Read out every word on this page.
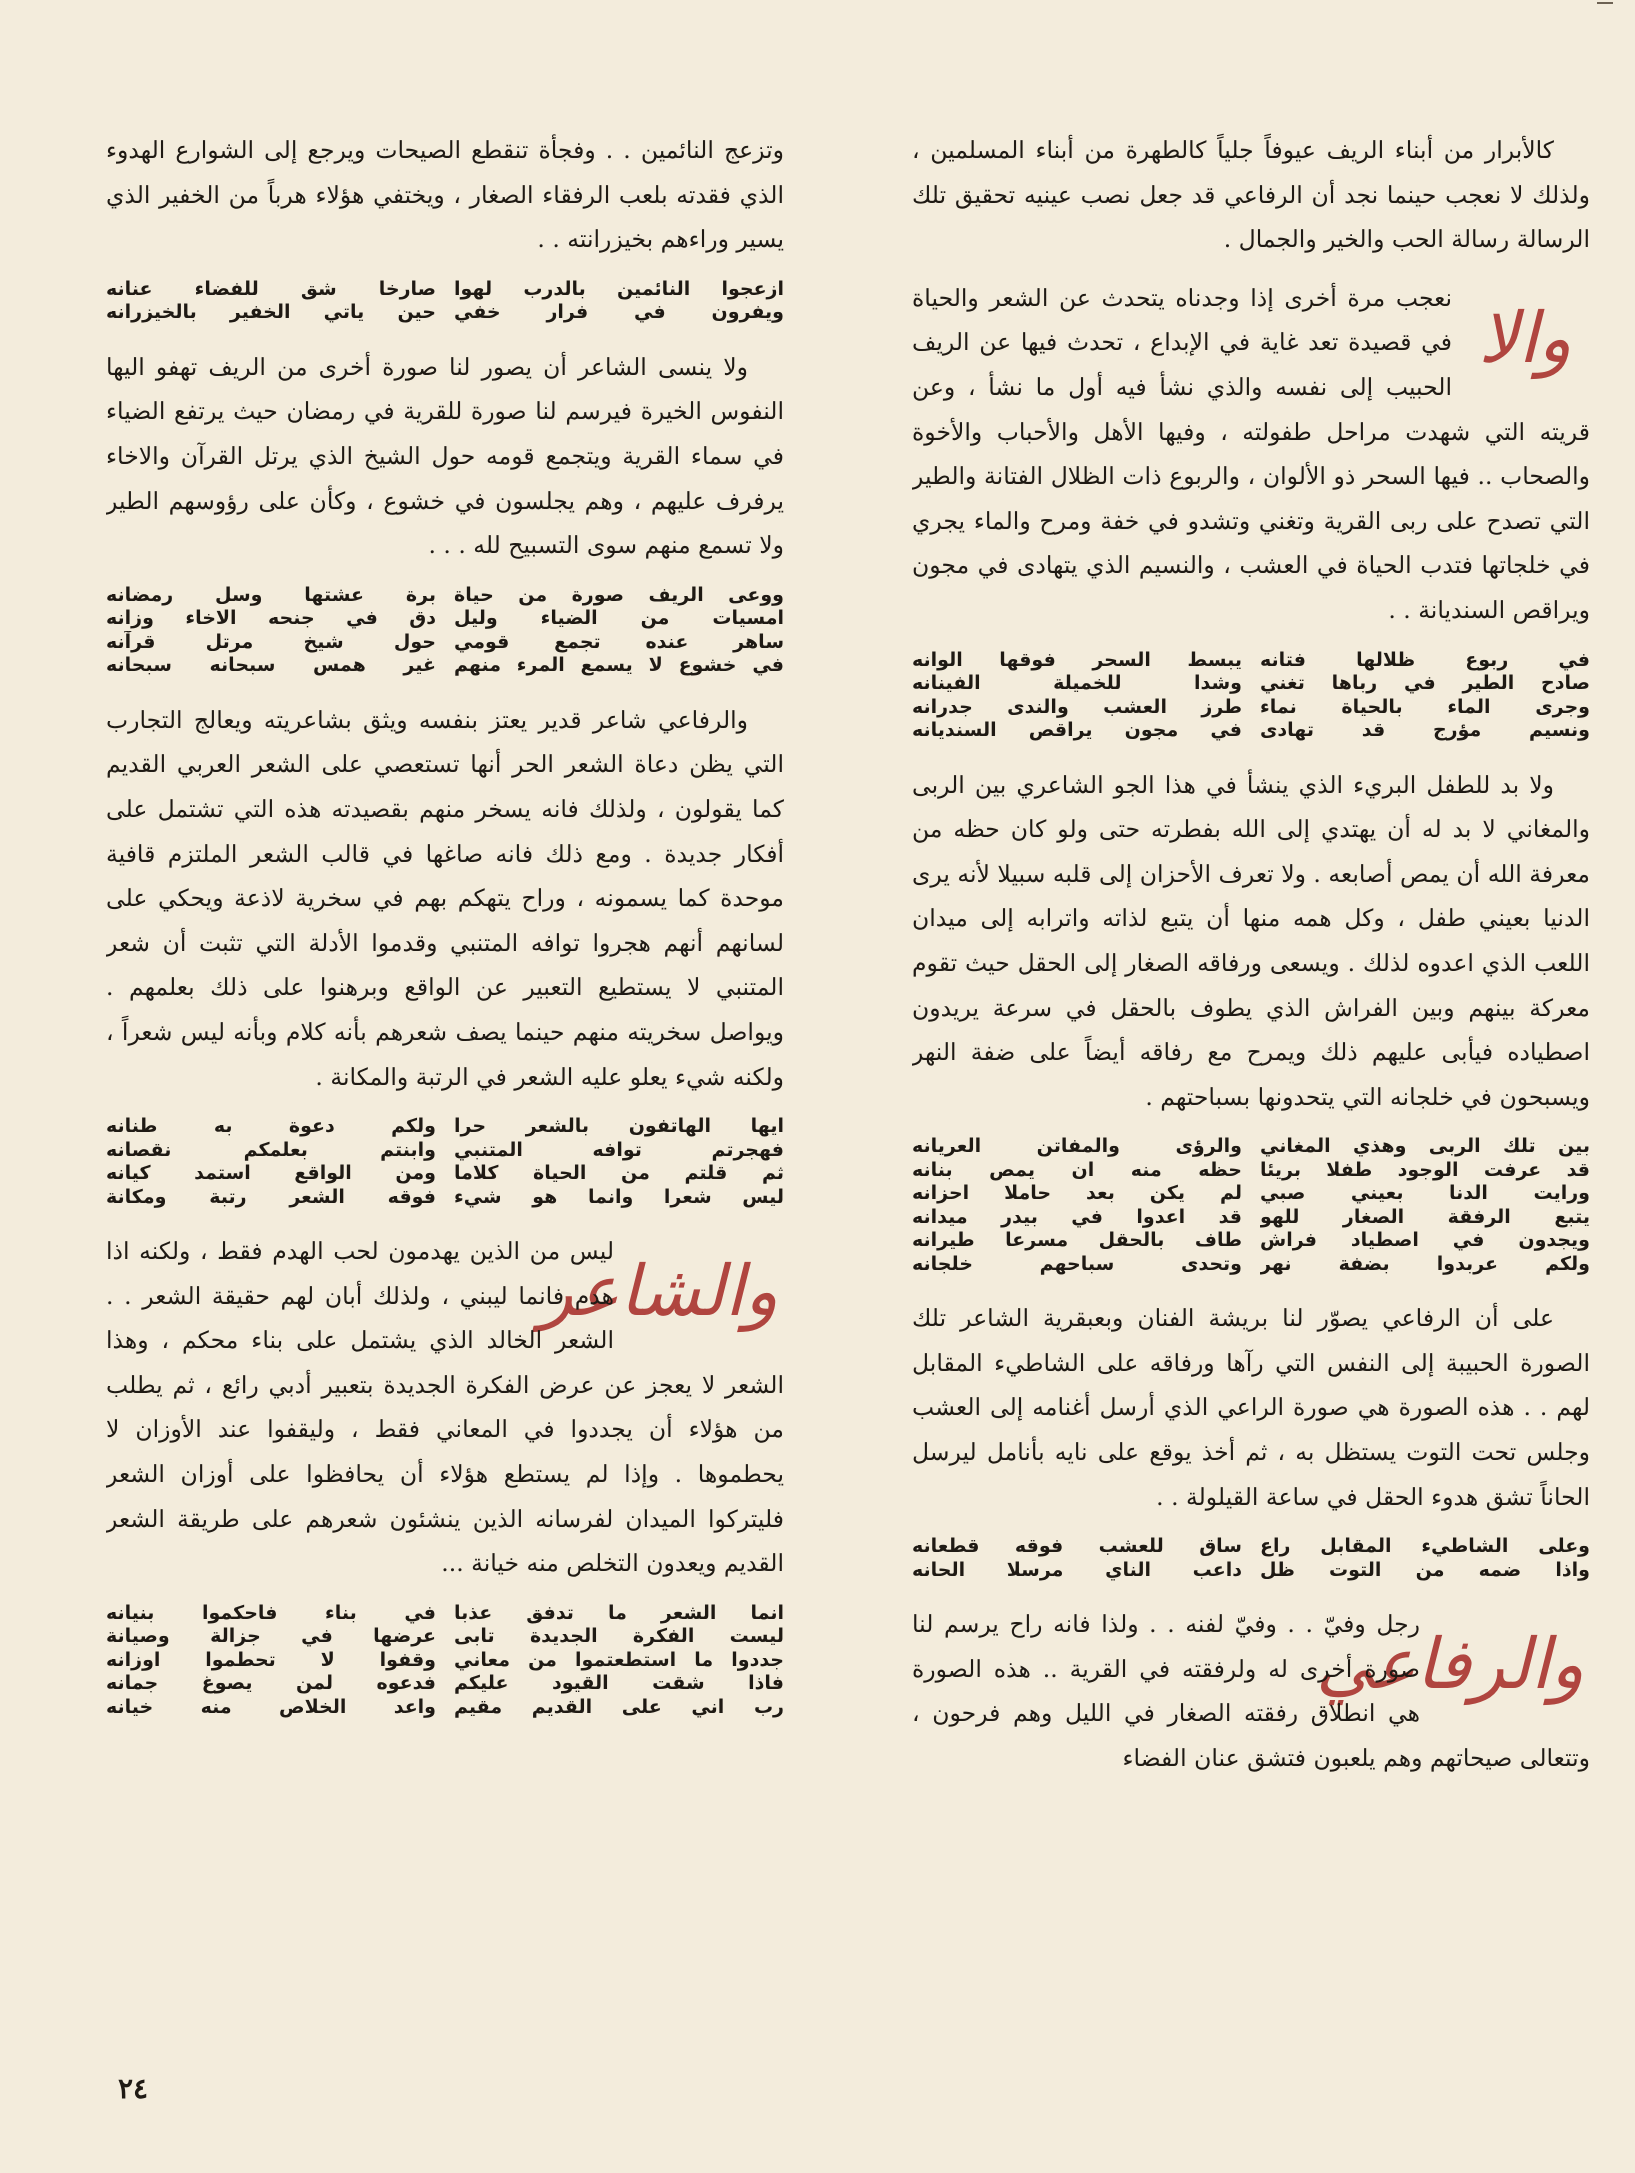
كالأبرار من أبناء الريف عيوفاً جلياً كالطهرة من أبناء المسلمين ، ولذلك لا نعجب حينما نجد أن الرفاعي قد جعل نصب عينيه تحقيق تلك الرسالة رسالة الحب والخير والجمال .

والا

نعجب مرة أخرى إذا وجدناه يتحدث عن الشعر والحياة في قصيدة تعد غاية في الإبداع ، تحدث فيها عن الريف الحبيب إلى نفسه والذي نشأ فيه أول ما نشأ ، وعن قريته التي شهدت مراحل طفولته ، وفيها الأهل والأحباب والأخوة والصحاب .. فيها السحر ذو الألوان ، والربوع ذات الظلال الفتانة والطير التي تصدح على ربى القرية وتغني وتشدو في خفة ومرح والماء يجري في خلجاتها فتدب الحياة في العشب ، والنسيم الذي يتهادى في مجون ويراقص السنديانة . .

في ربوع ظلالها فتانه
يبسط السحر فوقها الوانه
صادح الطير في رباها تغني
وشدا للخميلة الفينانه
وجرى الماء بالحياة نماء
طرز العشب والندى جدرانه
ونسيم مؤرج قد تهادى
في مجون يراقص السنديانه

ولا بد للطفل البريء الذي ينشأ في هذا الجو الشاعري بين الربى والمغاني لا بد له أن يهتدي إلى الله بفطرته حتى ولو كان حظه من معرفة الله أن يمص أصابعه . ولا تعرف الأحزان إلى قلبه سبيلا لأنه يرى الدنيا بعيني طفل ، وكل همه منها أن يتبع لذاته واترابه إلى ميدان اللعب الذي اعدوه لذلك . ويسعى ورفاقه الصغار إلى الحقل حيث تقوم معركة بينهم وبين الفراش الذي يطوف بالحقل في سرعة يريدون اصطياده فيأبى عليهم ذلك ويمرح مع رفاقه أيضاً على ضفة النهر ويسبحون في خلجانه التي يتحدونها بسباحتهم .

بين تلك الربى وهذي المغاني
والرؤى والمفاتن العريانه
قد عرفت الوجود طفلا بريئا
حظه منه ان يمص بنانه
ورايت الدنا بعيني صبي
لم يكن بعد حاملا احزانه
يتبع الرفقة الصغار للهو
قد اعدوا في بيدر ميدانه
ويجدون في اصطياد فراش
طاف بالحقل مسرعا طيرانه
ولكم عربدوا بضفة نهر
وتحدى سباحهم خلجانه

على أن الرفاعي يصوّر لنا بريشة الفنان وبعبقرية الشاعر تلك الصورة الحبيبة إلى النفس التي رآها ورفاقه على الشاطيء المقابل لهم . . هذه الصورة هي صورة الراعي الذي أرسل أغنامه إلى العشب وجلس تحت التوت يستظل به ، ثم أخذ يوقع على نايه بأنامل ليرسل الحاناً تشق هدوء الحقل في ساعة القيلولة . .

وعلى الشاطيء المقابل راع
ساق للعشب فوقه قطعانه
واذا ضمه من التوت ظل
داعب الناي مرسلا الحانه
والرفاعي

رجل وفيّ . . وفيّ لفنه . . ولذا فانه راح يرسم لنا صورة أخرى له ولرفقته في القرية .. هذه الصورة هي انطلاق رفقته الصغار في الليل وهم فرحون ، وتتعالى صيحاتهم وهم يلعبون فتشق عنان الفضاء

وتزعج النائمين . . وفجأة تنقطع الصيحات ويرجع إلى الشوارع الهدوء الذي فقدته بلعب الرفقاء الصغار ، ويختفي هؤلاء هرباً من الخفير الذي يسير وراءهم بخيزرانته . .

ازعجوا النائمين بالدرب لهوا
صارخا شق للفضاء عنانه
ويفرون في فرار خفي
حين ياتي الخفير بالخيزرانه

ولا ينسى الشاعر أن يصور لنا صورة أخرى من الريف تهفو اليها النفوس الخيرة فيرسم لنا صورة للقرية في رمضان حيث يرتفع الضياء في سماء القرية ويتجمع قومه حول الشيخ الذي يرتل القرآن والاخاء يرفرف عليهم ، وهم يجلسون في خشوع ، وكأن على رؤوسهم الطير ولا تسمع منهم سوى التسبيح لله . . .

ووعى الريف صورة من حياة
برة عشتها وسل رمضانه
امسيات من الضياء وليل
دق في جنحه الاخاء وزانه
ساهر عنده تجمع قومي
حول شيخ مرتل قرآنه
في خشوع لا يسمع المرء منهم
غير همس سبحانه سبحانه

والرفاعي شاعر قدير يعتز بنفسه ويثق بشاعريته ويعالج التجارب التي يظن دعاة الشعر الحر أنها تستعصي على الشعر العربي القديم كما يقولون ، ولذلك فانه يسخر منهم بقصيدته هذه التي تشتمل على أفكار جديدة . ومع ذلك فانه صاغها في قالب الشعر الملتزم قافية موحدة كما يسمونه ، وراح يتهكم بهم في سخرية لاذعة ويحكي على لسانهم أنهم هجروا توافه المتنبي وقدموا الأدلة التي تثبت أن شعر المتنبي لا يستطيع التعبير عن الواقع وبرهنوا على ذلك بعلمهم . ويواصل سخريته منهم حينما يصف شعرهم بأنه كلام وبأنه ليس شعراً ، ولكنه شيء يعلو عليه الشعر في الرتبة والمكانة .

ايها الهاتفون بالشعر حرا
ولكم دعوة به طنانه
فهجرتم توافه المتنبي
وابنتم بعلمكم نقصانه
ثم قلتم من الحياة كلاما
ومن الواقع استمد كيانه
ليس شعرا وانما هو شيء
فوقه الشعر رتبة ومكانة
والشاعر

ليس من الذين يهدمون لحب الهدم فقط ، ولكنه اذا هدم فانما ليبني ، ولذلك أبان لهم حقيقة الشعر . . الشعر الخالد الذي يشتمل على بناء محكم ، وهذا الشعر لا يعجز عن عرض الفكرة الجديدة بتعبير أدبي رائع ، ثم يطلب من هؤلاء أن يجددوا في المعاني فقط ، وليقفوا عند الأوزان لا يحطموها . وإذا لم يستطع هؤلاء أن يحافظوا على أوزان الشعر فليتركوا الميدان لفرسانه الذين ينشئون شعرهم على طريقة الشعر القديم ويعدون التخلص منه خيانة ...

انما الشعر ما تدفق عذبا
في بناء فاحكموا بنيانه
ليست الفكرة الجديدة تابى
عرضها في جزالة وصيانة
جددوا ما استطعتموا من معاني
وقفوا لا تحطموا اوزانه
فاذا شقت القيود عليكم
فدعوه لمن يصوغ جمانه
رب اني على القديم مقيم
واعد الخلاص منه خيانه
٢٤
